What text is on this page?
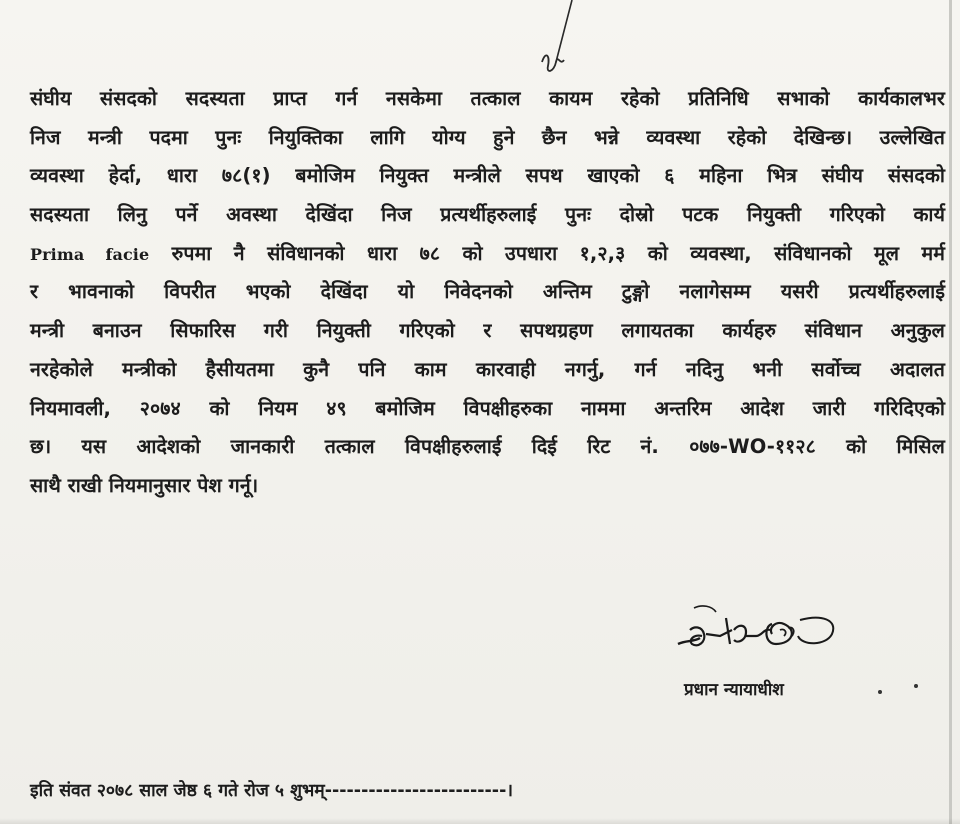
संघीय संसदको सदस्यता प्राप्त गर्न नसकेमा तत्काल कायम रहेको प्रतिनिधि सभाको कार्यकालभर
निज मन्त्री पदमा पुनः नियुक्तिका लागि योग्य हुने छैन भन्ने व्यवस्था रहेको देखिन्छ। उल्लेखित
व्यवस्था हेर्दा, धारा ७८(१) बमोजिम नियुक्त मन्त्रीले सपथ खाएको ६ महिना भित्र संघीय संसदको
सदस्यता लिनु पर्ने अवस्था देखिंदा निज प्रत्यर्थीहरुलाई पुनः दोस्रो पटक नियुक्ती गरिएको कार्य
Prima facie रुपमा नै संविधानको धारा ७८ को उपधारा १,२,३ को व्यवस्था, संविधानको मूल मर्म
र भावनाको विपरीत भएको देखिंदा यो निवेदनको अन्तिम टुङ्गो नलागेसम्म यसरी प्रत्यर्थीहरुलाई
मन्त्री बनाउन सिफारिस गरी नियुक्ती गरिएको र सपथग्रहण लगायतका कार्यहरु संविधान अनुकुल
नरहेकोले मन्त्रीको हैसीयतमा कुनै पनि काम कारवाही नगर्नु, गर्न नदिनु भनी सर्वोच्च अदालत
नियमावली, २०७४ को नियम ४९ बमोजिम विपक्षीहरुका नाममा अन्तरिम आदेश जारी गरिदिएको
छ। यस आदेशको जानकारी तत्काल विपक्षीहरुलाई दिई रिट नं. ०७७-WO-११२८ को मिसिल
साथै राखी नियमानुसार पेश गर्नू।
प्रधान न्यायाधीश
इति संवत २०७८ साल जेष्ठ ६ गते रोज ५ शुभम्-------------------------।
